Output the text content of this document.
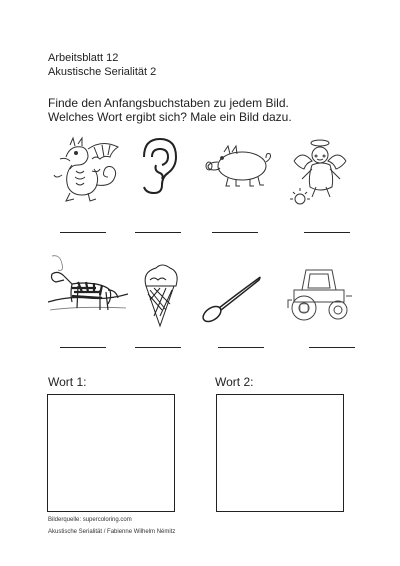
Arbeitsblatt 12
Akustische Serialität 2
Finde den Anfangsbuchstaben zu jedem Bild.
Welches Wort ergibt sich? Male ein Bild dazu.
Wort 1:	Wort 2:
Bilderquelle: supercoloring.com
Akustische Serialität / Fabienne Wilhelm Némitz
